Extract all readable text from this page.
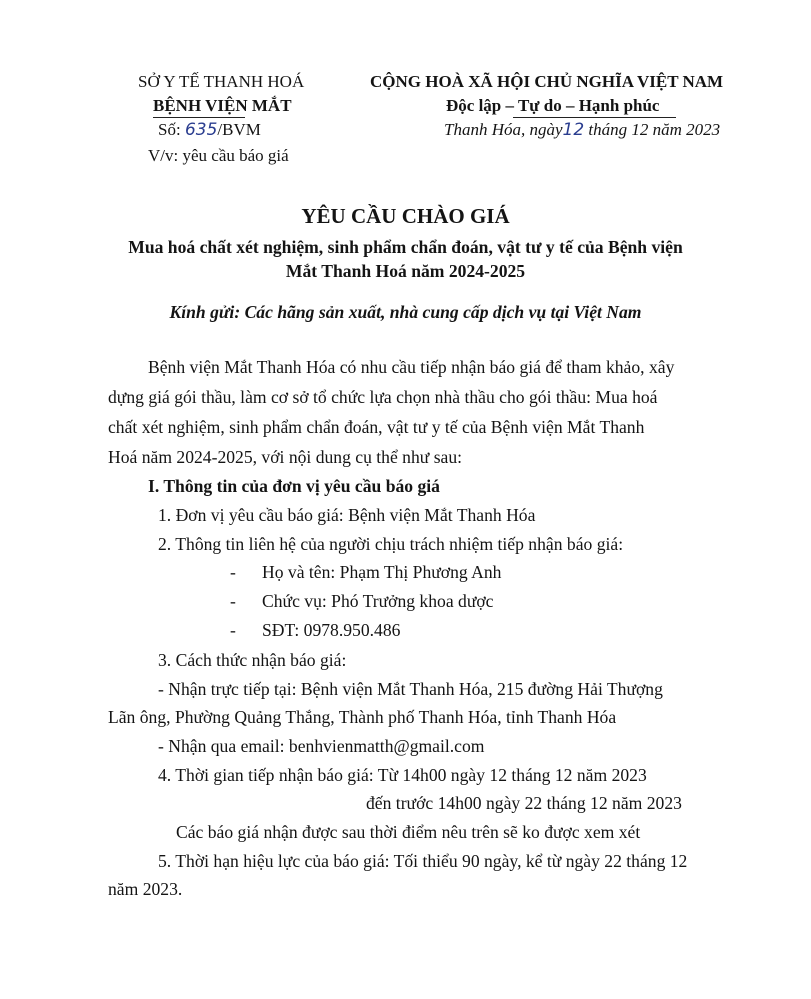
SỞ Y TẾ THANH HOÁ
BỆNH VIỆN MẮT
Số: 635/BVM
V/v: yêu cầu báo giá
CỘNG HOÀ XÃ HỘI CHỦ NGHĨA VIỆT NAM
Độc lập – Tự do – Hạnh phúc
Thanh Hóa, ngày12 tháng 12 năm 2023
YÊU CẦU CHÀO GIÁ
Mua hoá chất xét nghiệm, sinh phẩm chẩn đoán, vật tư y tế của Bệnh viện
Mắt Thanh Hoá năm 2024-2025
Kính gửi: Các hãng sản xuất, nhà cung cấp dịch vụ tại Việt Nam
Bệnh viện Mắt Thanh Hóa có nhu cầu tiếp nhận báo giá để tham khảo, xây
dựng giá gói thầu, làm cơ sở tổ chức lựa chọn nhà thầu cho gói thầu: Mua hoá
chất xét nghiệm, sinh phẩm chẩn đoán, vật tư y tế của Bệnh viện Mắt Thanh
Hoá năm 2024-2025, với nội dung cụ thể như sau:
I. Thông tin của đơn vị yêu cầu báo giá
1. Đơn vị yêu cầu báo giá: Bệnh viện Mắt Thanh Hóa
2. Thông tin liên hệ của người chịu trách nhiệm tiếp nhận báo giá:
- Họ và tên: Phạm Thị Phương Anh
- Chức vụ: Phó Trưởng khoa dược
- SĐT: 0978.950.486
3. Cách thức nhận báo giá:
- Nhận trực tiếp tại: Bệnh viện Mắt Thanh Hóa, 215 đường Hải Thượng
Lãn ông, Phường Quảng Thắng, Thành phố Thanh Hóa, tỉnh Thanh Hóa
- Nhận qua email: benhvienmatth@gmail.com
4. Thời gian tiếp nhận báo giá: Từ 14h00 ngày 12 tháng 12 năm 2023
đến trước 14h00 ngày 22 tháng 12 năm 2023
Các báo giá nhận được sau thời điểm nêu trên sẽ ko được xem xét
5. Thời hạn hiệu lực của báo giá: Tối thiểu 90 ngày, kể từ ngày 22 tháng 12
năm 2023.
